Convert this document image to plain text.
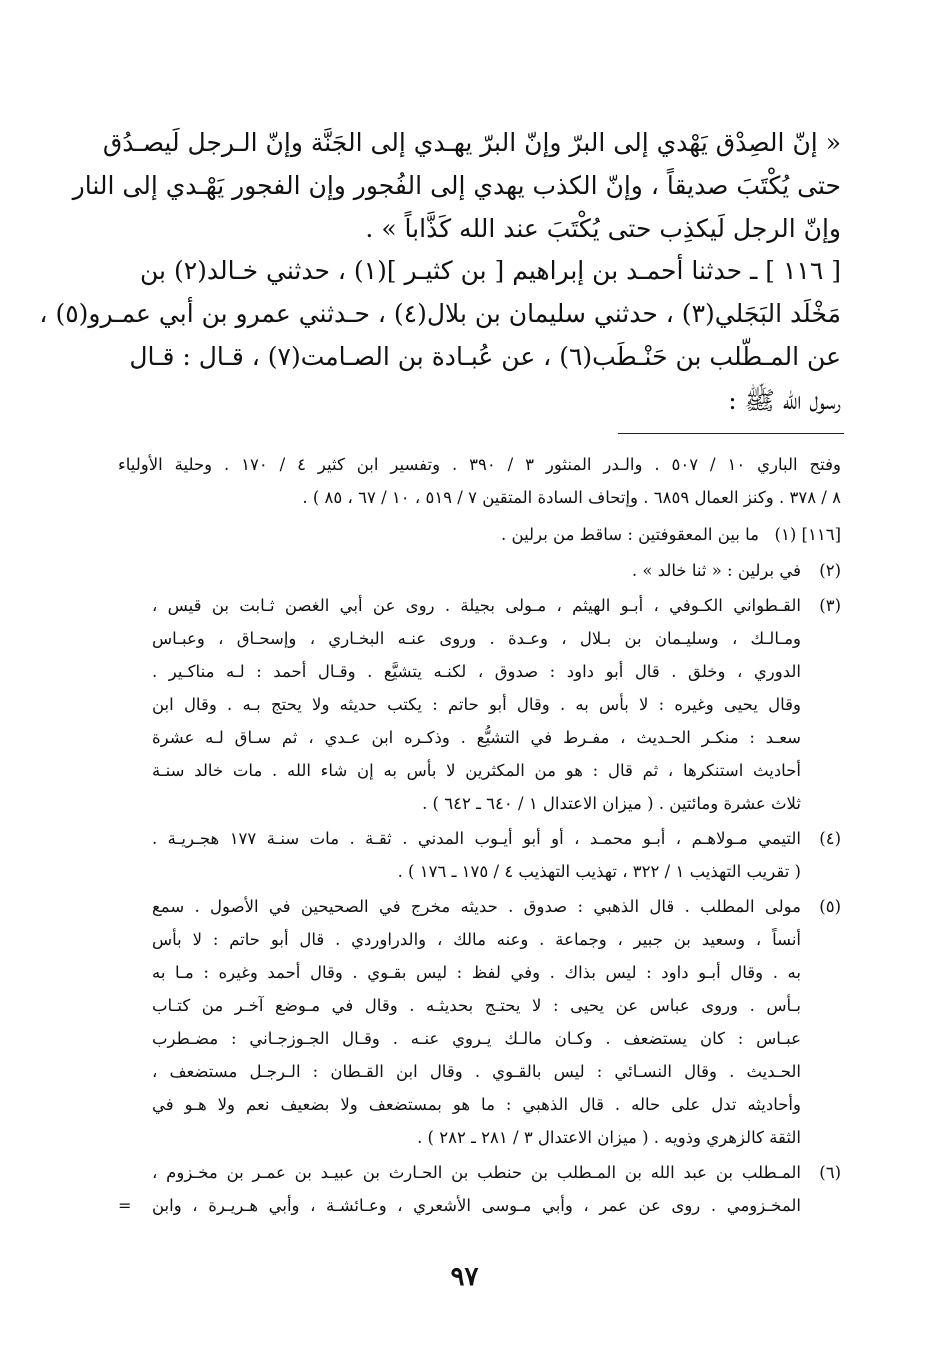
« إنّ الصِدْق يَهْدي إلى البرّ وإنّ البرّ يهـدي إلى الجَنَّة وإنّ الـرجل لَيصـدُق
حتى يُكْتَبَ صديقاً ، وإنّ الكذب يهدي إلى الفُجور وإن الفجور يَهْـدي إلى النار
وإنّ الرجل لَيكذِب حتى يُكْتَبَ عند الله كَذَّاباً » .
[ ١١٦ ] ـ حدثنا أحمـد بن إبراهيم [ بن كثيـر ](١) ، حدثني خـالد(٢) بن
مَخْلَد البَجَلي(٣) ، حدثني سليمان بن بلال(٤) ، حـدثني عمرو بن أبي عمـرو(٥) ،
عن المـطّلب بن حَنْـطَب(٦) ، عن عُبـادة بن الصـامت(٧) ، قـال : قـال
رسول الله ﷺ :
وفتح الباري ١٠ / ٥٠٧ . والـدر المنثور ٣ / ٣٩٠ . وتفسير ابن كثير ٤ / ١٧٠ . وحلية الأولياء
٨ / ٣٧٨ . وكنز العمال ٦٨٥٩ . وإتحاف السادة المتقين ٧ / ٥١٩ ، ١٠ / ٦٧ ، ٨٥ ) .
[١١٦] (١)
ما بين المعقوفتين : ساقط من برلين .
(٢)
في برلين : « ثنا خالد » .
(٣)
القـطواني الكـوفي ، أبـو الهيثم ، مـولى بجيلة . روى عن أبي الغصن ثـابت بن قيس ،
ومـالـك ، وسليـمان بن بـلال ، وعـدة . وروى عنـه البخـاري ، وإسحـاق ، وعبـاس
الدوري ، وخلق . قال أبو داود : صدوق ، لكنـه يتشيَّع . وقـال أحمد : لـه مناكـير .
وقال يحيى وغيره : لا بأس به . وقال أبو حاتم : يكتب حديثه ولا يحتج بـه . وقال ابن
سعـد : منكـر الحـديث ، مفـرط في التشيُّع . وذكـره ابن عـدي ، ثم سـاق لـه عشرة
أحاديث استنكرها ، ثم قال : هو من المكثرين لا بأس به إن شاء الله . مات خالد سنـة
ثلاث عشرة ومائتين . ( ميزان الاعتدال ١ / ٦٤٠ ـ ٦٤٢ ) .
(٤)
التيمي مـولاهـم ، أبـو محمـد ، أو أبو أيـوب المدني . ثقـة . مات سنـة ١٧٧ هجـريـة .
( تقريب التهذيب ١ / ٣٢٢ ، تهذيب التهذيب ٤ / ١٧٥ ـ ١٧٦ ) .
(٥)
مولى المطلب . قال الذهبي : صدوق . حديثه مخرج في الصحيحين في الأصول . سمع
أنساً ، وسعيد بن جبير ، وجماعة . وعنه مالك ، والدراوردي . قال أبو حاتم : لا بأس
به . وقال أبـو داود : ليس بذاك . وفي لفظ : ليس بقـوي . وقال أحمد وغيره : مـا به
بـأس . وروى عباس عن يحيى : لا يحتـج بحديثـه . وقال في مـوضع آخـر من كتـاب
عبـاس : كان يستضعف . وكـان مالـك يـروي عنـه . وقـال الجـوزجـاني : مضـطرب
الحـديث . وقال النسـائي : ليس بالقـوي . وقال ابن القـطان : الـرجـل مستضعف ،
وأحاديثه تدل على حاله . قال الذهبي : ما هو بمستضعف ولا بضعيف نعم ولا هـو في
الثقة كالزهري وذويه . ( ميزان الاعتدال ٣ / ٢٨١ ـ ٢٨٢ ) .
(٦)
المـطلب بن عبد الله بن المـطلب بن حنطب بن الحـارث بن عبيـد بن عمـر بن مخـزوم ،
المخـزومي . روى عن عمر ، وأبي مـوسى الأشعري ، وعـائشـة ، وأبي هـريـرة ، وابن
=
٩٧
